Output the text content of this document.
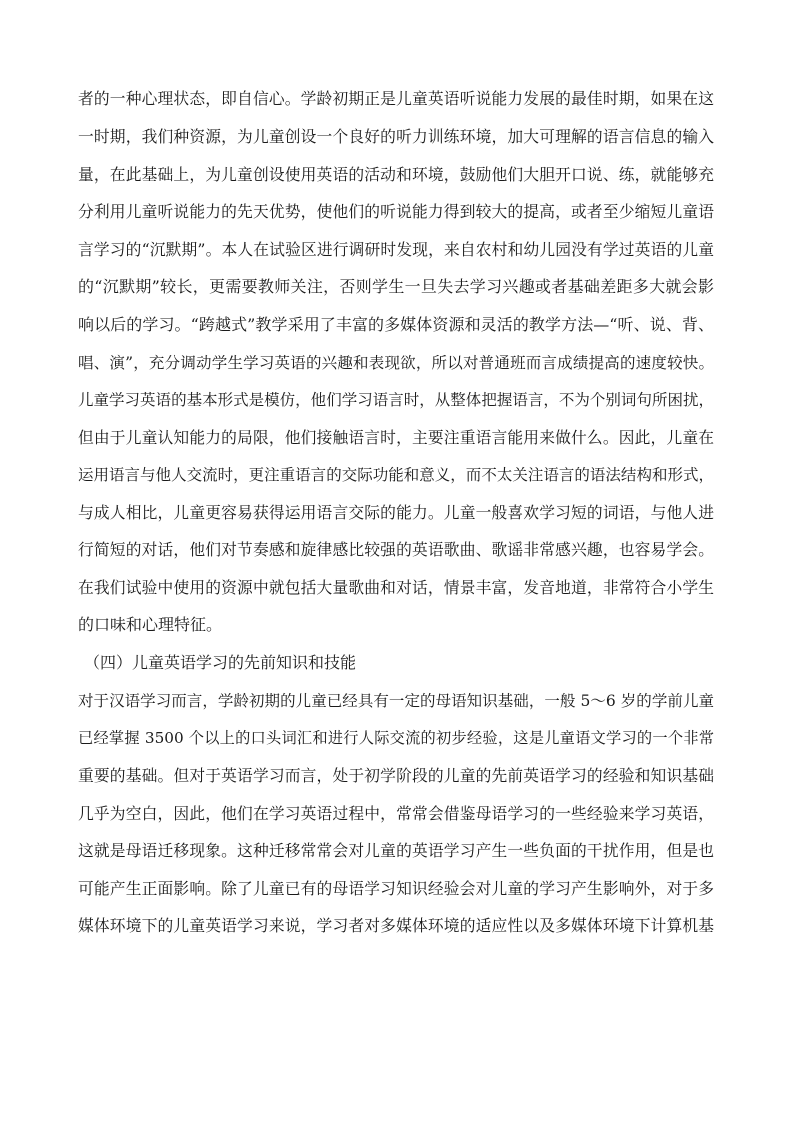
者的一种心理状态，即自信心。学龄初期正是儿童英语听说能力发展的最佳时期，如果在这
一时期，我们种资源，为儿童创设一个良好的听力训练环境，加大可理解的语言信息的输入
量，在此基础上，为儿童创设使用英语的活动和环境，鼓励他们大胆开口说、练，就能够充
分利用儿童听说能力的先天优势，使他们的听说能力得到较大的提高，或者至少缩短儿童语
言学习的“沉默期”。本人在试验区进行调研时发现，来自农村和幼儿园没有学过英语的儿童
的“沉默期”较长，更需要教师关注，否则学生一旦失去学习兴趣或者基础差距多大就会影
响以后的学习。“跨越式”教学采用了丰富的多媒体资源和灵活的教学方法—“听、说、背、
唱、演”，充分调动学生学习英语的兴趣和表现欲，所以对普通班而言成绩提高的速度较快。
儿童学习英语的基本形式是模仿，他们学习语言时，从整体把握语言，不为个别词句所困扰，
但由于儿童认知能力的局限，他们接触语言时，主要注重语言能用来做什么。因此，儿童在
运用语言与他人交流时，更注重语言的交际功能和意义，而不太关注语言的语法结构和形式，
与成人相比，儿童更容易获得运用语言交际的能力。儿童一般喜欢学习短的词语，与他人进
行简短的对话，他们对节奏感和旋律感比较强的英语歌曲、歌谣非常感兴趣，也容易学会。
在我们试验中使用的资源中就包括大量歌曲和对话，情景丰富，发音地道，非常符合小学生
的口味和心理特征。
（四）儿童英语学习的先前知识和技能
对于汉语学习而言，学龄初期的儿童已经具有一定的母语知识基础，一般 5～6 岁的学前儿童
已经掌握 3500 个以上的口头词汇和进行人际交流的初步经验，这是儿童语文学习的一个非常
重要的基础。但对于英语学习而言，处于初学阶段的儿童的先前英语学习的经验和知识基础
几乎为空白，因此，他们在学习英语过程中，常常会借鉴母语学习的一些经验来学习英语，
这就是母语迁移现象。这种迁移常常会对儿童的英语学习产生一些负面的干扰作用，但是也
可能产生正面影响。除了儿童已有的母语学习知识经验会对儿童的学习产生影响外，对于多
媒体环境下的儿童英语学习来说，学习者对多媒体环境的适应性以及多媒体环境下计算机基
